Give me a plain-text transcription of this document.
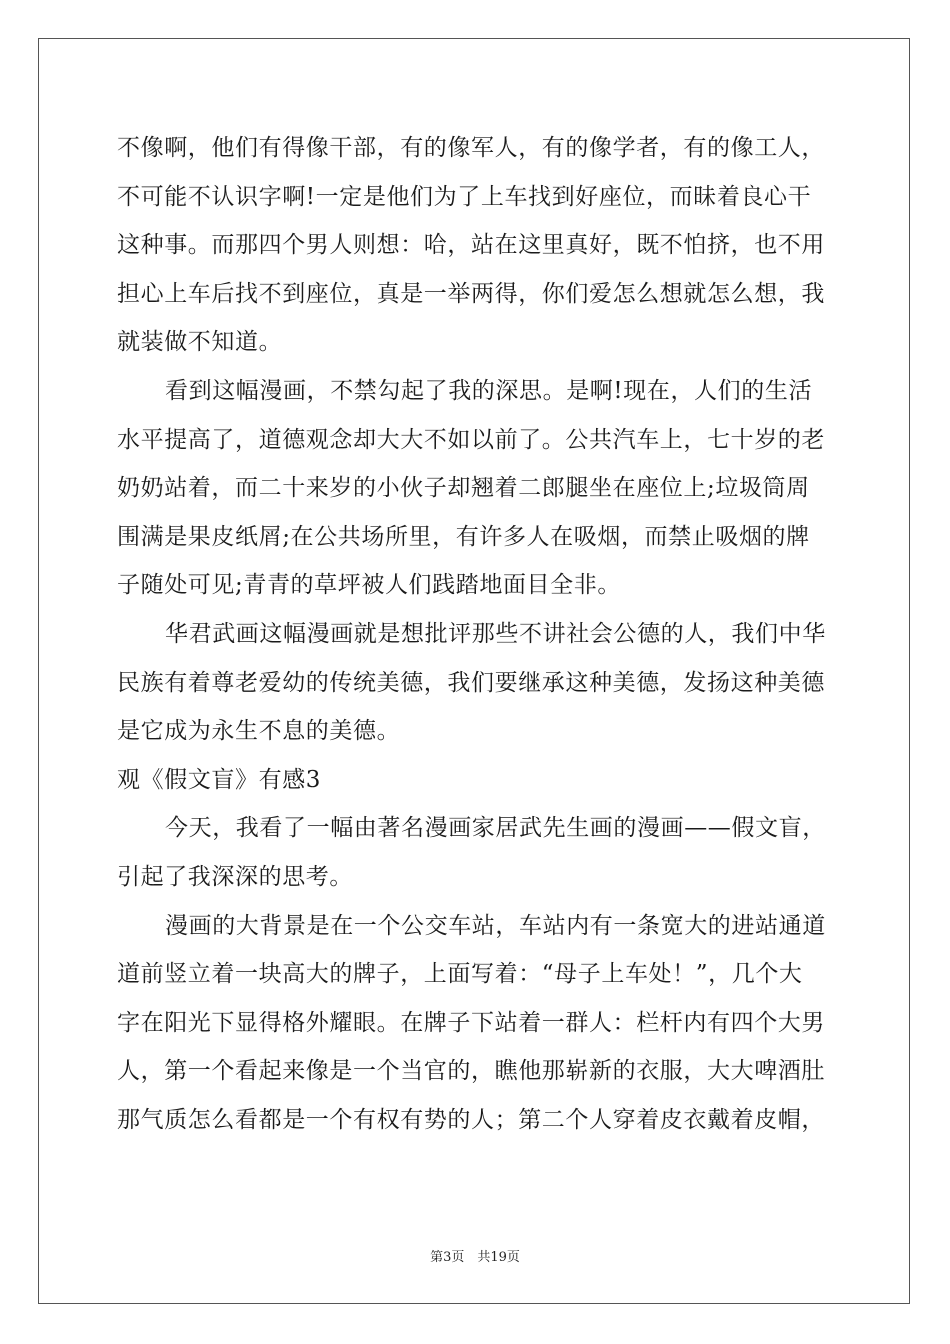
不像啊，他们有得像干部，有的像军人，有的像学者，有的像工人，
不可能不认识字啊!一定是他们为了上车找到好座位，而昧着良心干
这种事。而那四个男人则想：哈，站在这里真好，既不怕挤，也不用
担心上车后找不到座位，真是一举两得，你们爱怎么想就怎么想，我
就装做不知道。
看到这幅漫画，不禁勾起了我的深思。是啊!现在，人们的生活
水平提高了，道德观念却大大不如以前了。公共汽车上，七十岁的老
奶奶站着，而二十来岁的小伙子却翘着二郎腿坐在座位上;垃圾筒周
围满是果皮纸屑;在公共场所里，有许多人在吸烟，而禁止吸烟的牌
子随处可见;青青的草坪被人们践踏地面目全非。
华君武画这幅漫画就是想批评那些不讲社会公德的人，我们中华
民族有着尊老爱幼的传统美德，我们要继承这种美德，发扬这种美德
是它成为永生不息的美德。
观《假文盲》有感3
今天，我看了一幅由著名漫画家居武先生画的漫画——假文盲，
引起了我深深的思考。
漫画的大背景是在一个公交车站，车站内有一条宽大的进站通道
道前竖立着一块高大的牌子，上面写着：“母子上车处！”，几个大
字在阳光下显得格外耀眼。在牌子下站着一群人：栏杆内有四个大男
人，第一个看起来像是一个当官的，瞧他那崭新的衣服，大大啤酒肚
那气质怎么看都是一个有权有势的人；第二个人穿着皮衣戴着皮帽，
第3页　共19页
